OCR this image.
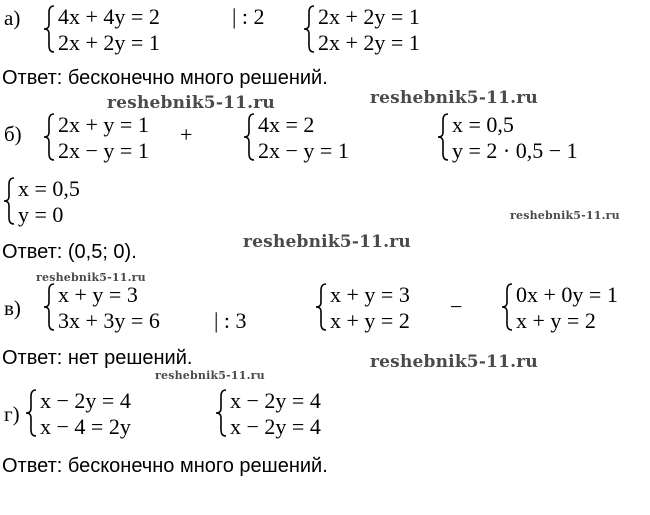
а) 4x + 4y = 2
2x + 2y = 1
| : 2 2x + 2y = 1
2x + 2y = 1
Ответ: бесконечно много решений.
reshebnik5-11.ru	reshebnik5-11.ru
б) 2x + y = 1
2x − y = 1
+	4x = 2
2x − y = 1
x = 0,5
y = 2 · 0,5 − 1
x = 0,5
y = 0	reshebnik5-11.ru
Ответ: (0,5; 0).	reshebnik5-11.ru
reshebnik5-11.ru
в)
x + y = 3
3x + 3y = 6 | : 3
x + y = 3
x + y = 2
− 0x + 0y = 1
x + y = 2
Ответ: нет решений.	reshebnik5-11.ru
reshebnik5-11.ru
г)
x − 2y = 4
x − 4 = 2y
x − 2y = 4
x − 2y = 4
Ответ: бесконечно много решений.
